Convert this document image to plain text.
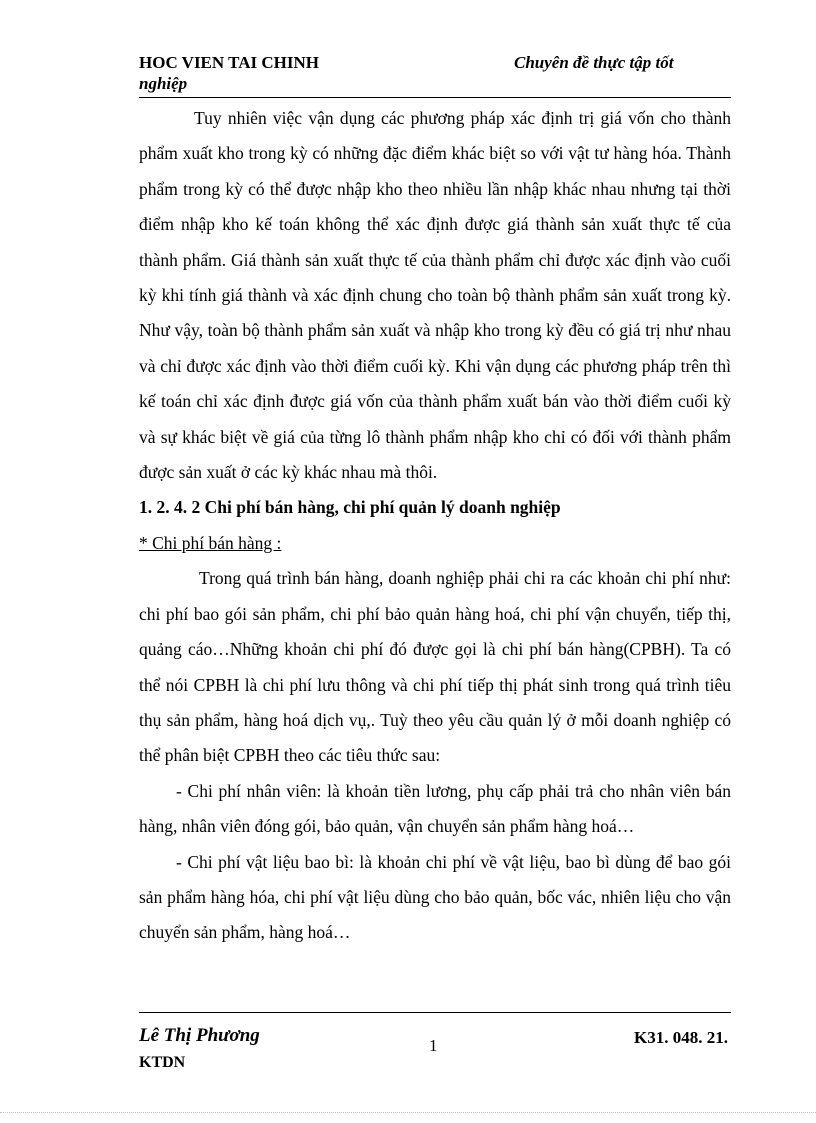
HOC VIEN TAI CHINH	Chuyên đề thực tập tốt
nghiệp

Tuy nhiên việc vận dụng các phương pháp xác định trị giá vốn cho thành phẩm xuất kho trong kỳ có những đặc điểm khác biệt so với vật tư hàng hóa. Thành phẩm trong kỳ có thể được nhập kho theo nhiều lần nhập khác nhau nhưng tại thời điểm nhập kho kế toán không thể xác định được giá thành sản xuất thực tế của thành phẩm. Giá thành sản xuất thực tế của thành phẩm chỉ được xác định vào cuối kỳ khi tính giá thành và xác định chung cho toàn bộ thành phẩm sản xuất trong kỳ. Như vậy, toàn bộ thành phẩm sản xuất và nhập kho trong kỳ đều có giá trị như nhau và chỉ được xác định vào thời điểm cuối kỳ. Khi vận dụng các phương pháp trên thì kế toán chỉ xác định được giá vốn của thành phẩm xuất bán vào thời điểm cuối kỳ và sự khác biệt về giá của từng lô thành phẩm nhập kho chỉ có đối với thành phẩm được sản xuất ở các kỳ khác nhau mà thôi.

1. 2. 4. 2 Chi phí bán hàng, chi phí quản lý doanh nghiệp

* Chi phí bán hàng :

Trong quá trình bán hàng, doanh nghiệp phải chi ra các khoản chi phí như: chi phí bao gói sản phẩm, chi phí bảo quản hàng hoá, chi phí vận chuyển, tiếp thị, quảng cáo…Những khoản chi phí đó được gọi là chi phí bán hàng(CPBH). Ta có thể nói CPBH là chi phí lưu thông và chi phí tiếp thị phát sinh trong quá trình tiêu thụ sản phẩm, hàng hoá dịch vụ,. Tuỳ theo yêu cầu quản lý ở mỗi doanh nghiệp có thể phân biệt CPBH theo các tiêu thức sau:

- Chi phí nhân viên: là khoản tiền lương, phụ cấp phải trả cho nhân viên bán hàng, nhân viên đóng gói, bảo quản, vận chuyển sản phẩm hàng hoá…

- Chi phí vật liệu bao bì: là khoản chi phí về vật liệu, bao bì dùng để bao gói sản phẩm hàng hóa, chi phí vật liệu dùng cho bảo quản, bốc vác, nhiên liệu cho vận chuyển sản phẩm, hàng hoá…

Lê Thị Phương	1	K31. 048. 21.
KTDN
